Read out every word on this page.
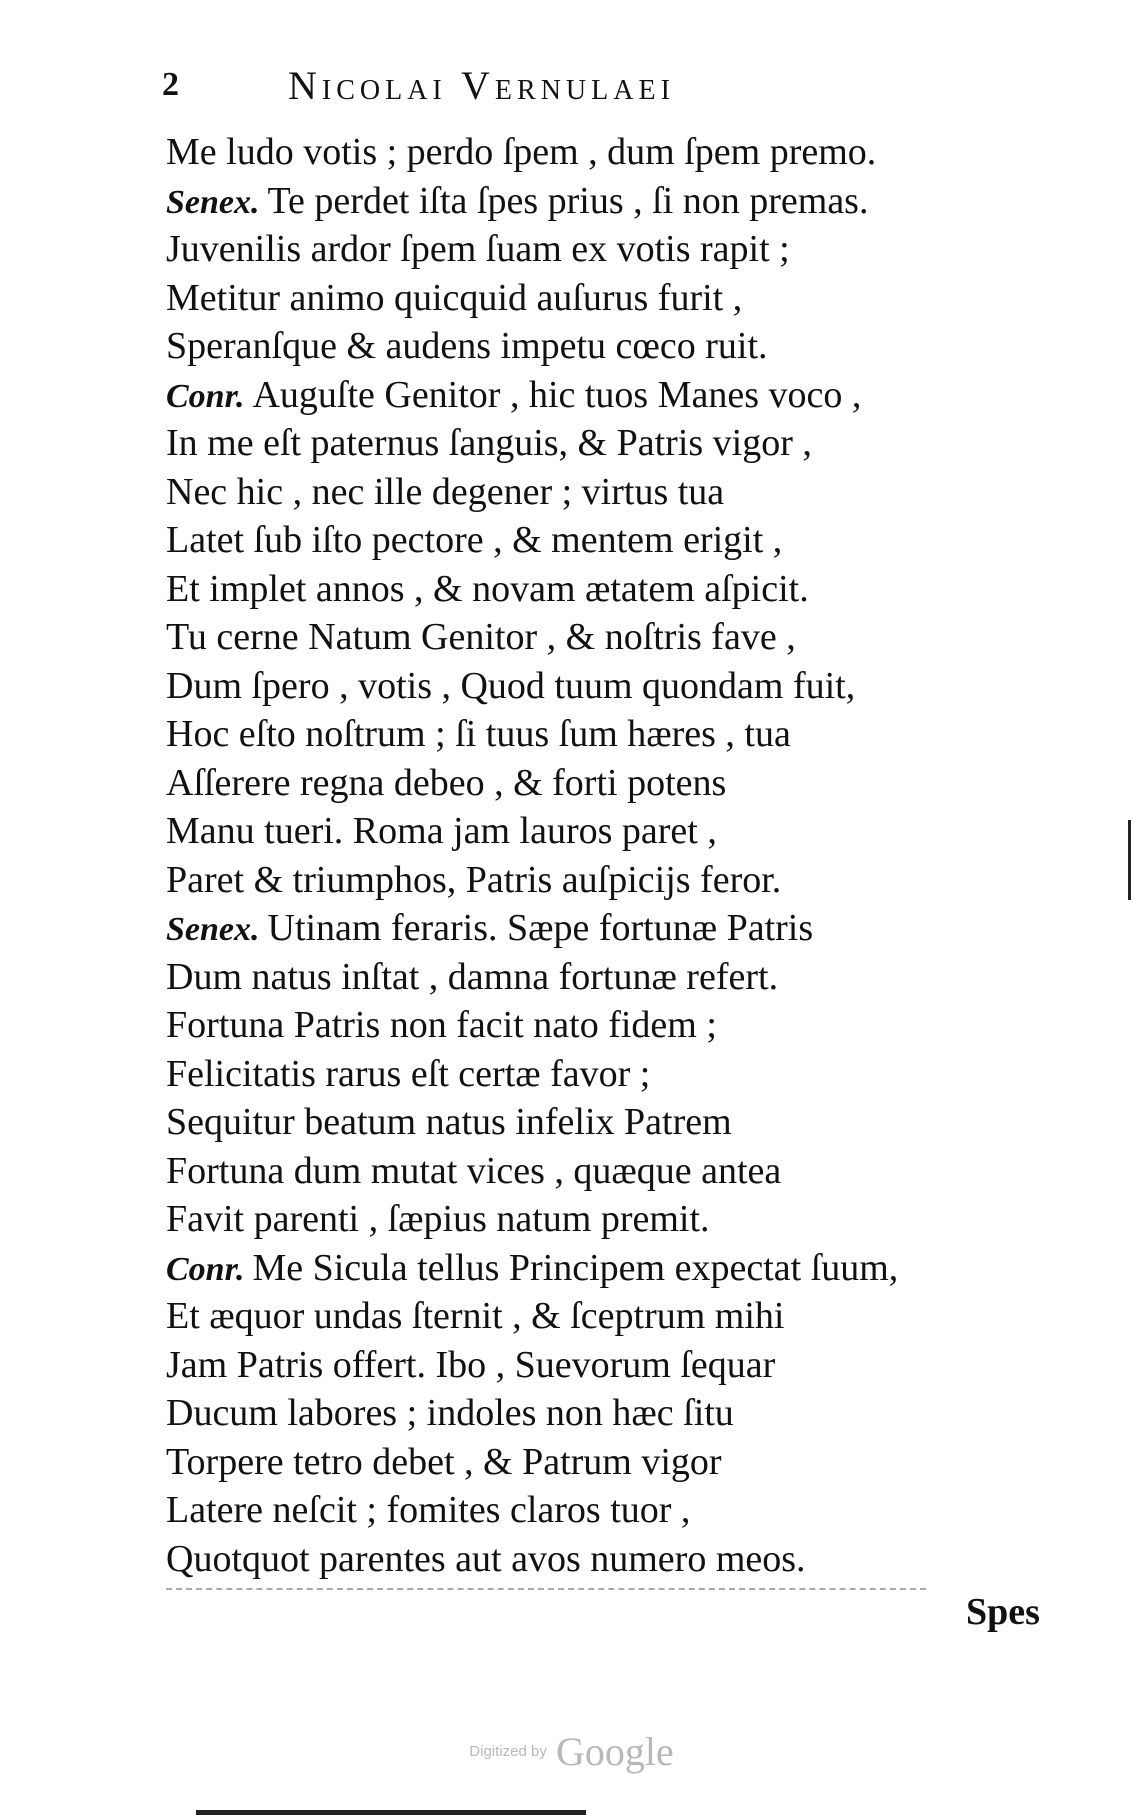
2	Nicolai Vernulaei
Me ludo votis ; perdo ſpem , dum ſpem premo.
Senex. Te perdet iſta ſpes prius , ſi non premas.
Juvenilis ardor ſpem ſuam ex votis rapit ;
Metitur animo quicquid auſurus furit ,
Speranſque & audens impetu cœco ruit.
Conr. Auguſte Genitor , hic tuos Manes voco ,
In me eſt paternus ſanguis, & Patris vigor ,
Nec hic , nec ille degener ; virtus tua
Latet ſub iſto pectore , & mentem erigit ,
Et implet annos , & novam ætatem aſpicit.
Tu cerne Natum Genitor , & noſtris fave ,
Dum ſpero , votis , Quod tuum quondam fuit,
Hoc eſto noſtrum ; ſi tuus ſum hæres , tua
Aſſerere regna debeo , & forti potens
Manu tueri. Roma jam lauros paret ,
Paret & triumphos, Patris auſpicijs feror.
Senex. Utinam feraris. Sæpe fortunæ Patris
Dum natus inſtat , damna fortunæ refert.
Fortuna Patris non facit nato fidem ;
Felicitatis rarus eſt certæ favor ;
Sequitur beatum natus infelix Patrem
Fortuna dum mutat vices , quæque antea
Favit parenti , ſæpius natum premit.
Conr. Me Sicula tellus Principem expectat ſuum,
Et æquor undas ſternit , & ſceptrum mihi
Jam Patris offert. Ibo , Suevorum ſequar
Ducum labores ; indoles non hæc ſitu
Torpere tetro debet , & Patrum vigor
Latere neſcit ; fomites claros tuor ,
Quotquot parentes aut avos numero meos.
Spes
Digitized by Google
